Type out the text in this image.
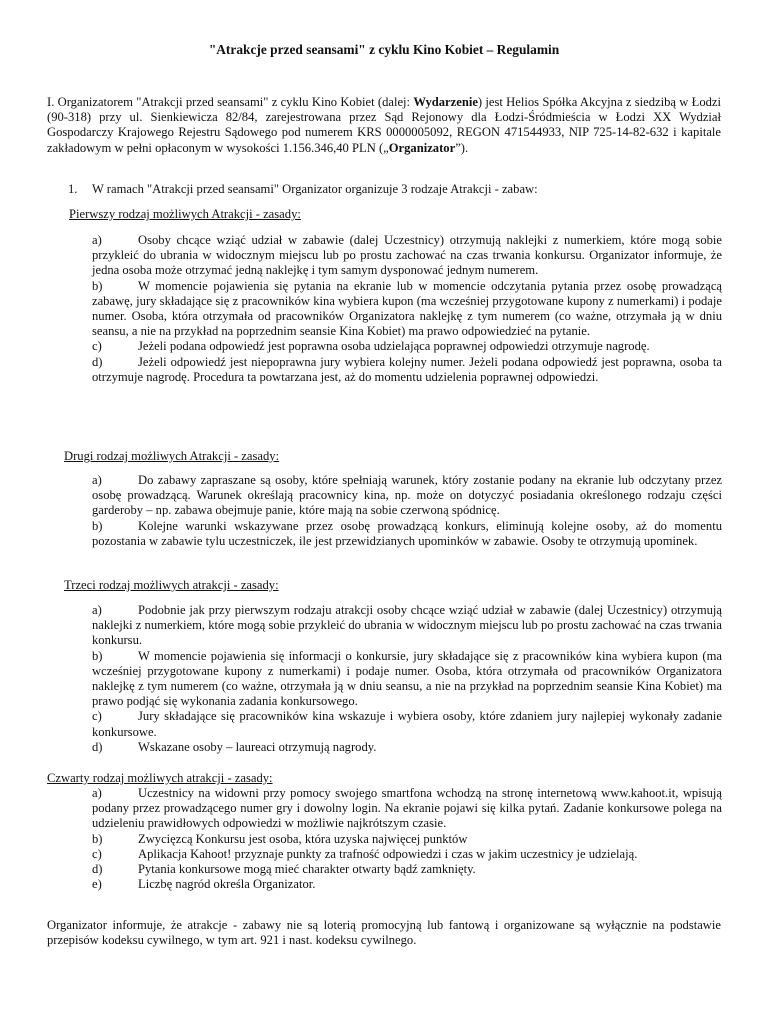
"Atrakcje przed seansami" z cyklu Kino Kobiet – Regulamin

I. Organizatorem "Atrakcji przed seansami" z cyklu Kino Kobiet (dalej: Wydarzenie) jest Helios Spółka Akcyjna z siedzibą w Łodzi (90-318) przy ul. Sienkiewicza 82/84, zarejestrowana przez Sąd Rejonowy dla Łodzi-Śródmieścia w Łodzi XX Wydział Gospodarczy Krajowego Rejestru Sądowego pod numerem KRS 0000005092, REGON 471544933, NIP 725-14-82-632 i kapitale zakładowym w pełni opłaconym w wysokości 1.156.346,40 PLN („Organizator”).

1. W ramach "Atrakcji przed seansami" Organizator organizuje 3 rodzaje Atrakcji - zabaw:

Pierwszy rodzaj możliwych Atrakcji - zasady:

a)	Osoby chcące wziąć udział w zabawie (dalej Uczestnicy) otrzymują naklejki z numerkiem, które mogą sobie przykleić do ubrania w widocznym miejscu lub po prostu zachować na czas trwania konkursu. Organizator informuje, że jedna osoba może otrzymać jedną naklejkę i tym samym dysponować jednym numerem.
b)	W momencie pojawienia się pytania na ekranie lub w momencie odczytania pytania przez osobę prowadzącą zabawę, jury składające się z pracowników kina wybiera kupon (ma wcześniej przygotowane kupony z numerkami) i podaje numer. Osoba, która otrzymała od pracowników Organizatora naklejkę z tym numerem (co ważne, otrzymała ją w dniu seansu, a nie na przykład na poprzednim seansie Kina Kobiet) ma prawo odpowiedzieć na pytanie.
c)	Jeżeli podana odpowiedź jest poprawna osoba udzielająca poprawnej odpowiedzi otrzymuje nagrodę.
d)	Jeżeli odpowiedź jest niepoprawna jury wybiera kolejny numer. Jeżeli podana odpowiedź jest poprawna, osoba ta otrzymuje nagrodę. Procedura ta powtarzana jest, aż do momentu udzielenia poprawnej odpowiedzi.

Drugi rodzaj możliwych Atrakcji - zasady:

a)	Do zabawy zapraszane są osoby, które spełniają warunek, który zostanie podany na ekranie lub odczytany przez osobę prowadzącą. Warunek określają pracownicy kina, np. może on dotyczyć posiadania określonego rodzaju części garderoby – np. zabawa obejmuje panie, które mają na sobie czerwoną spódnicę.
b)	Kolejne warunki wskazywane przez osobę prowadzącą konkurs, eliminują kolejne osoby, aż do momentu pozostania w zabawie tylu uczestniczek, ile jest przewidzianych upominków w zabawie. Osoby te otrzymują upominek.

Trzeci rodzaj możliwych atrakcji - zasady:

a)	Podobnie jak przy pierwszym rodzaju atrakcji osoby chcące wziąć udział w zabawie (dalej Uczestnicy) otrzymują naklejki z numerkiem, które mogą sobie przykleić do ubrania w widocznym miejscu lub po prostu zachować na czas trwania konkursu.
b)	W momencie pojawienia się informacji o konkursie, jury składające się z pracowników kina wybiera kupon (ma wcześniej przygotowane kupony z numerkami) i podaje numer. Osoba, która otrzymała od pracowników Organizatora naklejkę z tym numerem (co ważne, otrzymała ją w dniu seansu, a nie na przykład na poprzednim seansie Kina Kobiet) ma prawo podjąć się wykonania zadania konkursowego.
c)	Jury składające się pracowników kina wskazuje i wybiera osoby, które zdaniem jury najlepiej wykonały zadanie konkursowe.
d)	Wskazane osoby – laureaci otrzymują nagrody.

Czwarty rodzaj możliwych atrakcji - zasady:

a)	Uczestnicy na widowni przy pomocy swojego smartfona wchodzą na stronę internetową www.kahoot.it, wpisują podany przez prowadzącego numer gry i dowolny login. Na ekranie pojawi się kilka pytań. Zadanie konkursowe polega na udzieleniu prawidłowych odpowiedzi w możliwie najkrótszym czasie.
b)	Zwycięzcą Konkursu jest osoba, która uzyska najwięcej punktów
c)	Aplikacja Kahoot! przyznaje punkty za trafność odpowiedzi i czas w jakim uczestnicy je udzielają.
d)	Pytania konkursowe mogą mieć charakter otwarty bądź zamknięty.
e)	Liczbę nagród określa Organizator.

Organizator informuje, że atrakcje - zabawy nie są loterią promocyjną lub fantową i organizowane są wyłącznie na podstawie przepisów kodeksu cywilnego, w tym art. 921 i nast. kodeksu cywilnego.
